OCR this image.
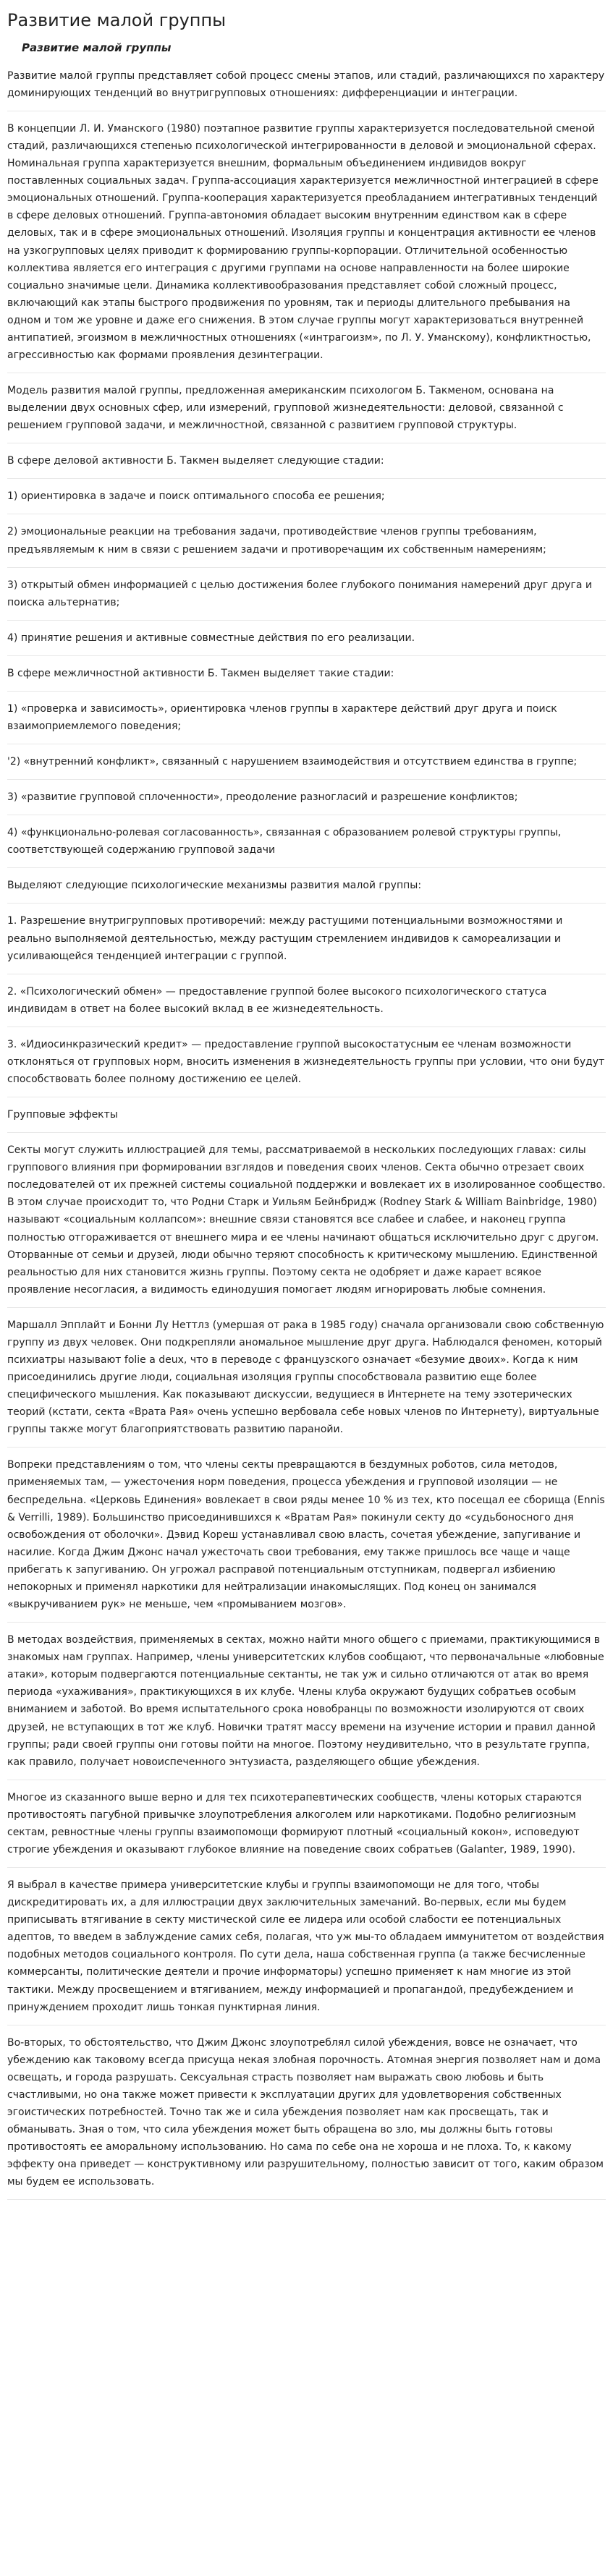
Развитие малой группы
Развитие малой группы

Развитие малой группы представляет собой процесс смены этапов, или стадий, различающихся по характеру доминирующих тенденций во внутригрупповых отношениях: дифференциации и интеграции.

В концепции Л. И. Уманского (1980) поэтапное развитие группы характеризуется последовательной сменой стадий, различающихся степенью психологической интегрированности в деловой и эмоциональной сферах. Номинальная группа характеризуется внешним, формальным объединением индивидов вокруг поставленных социальных задач. Группа-ассоциация характеризуется межличностной интеграцией в сфере эмоциональных отношений. Группа-кооперация характеризуется преобладанием интегративных тенденций в сфере деловых отношений. Группа-автономия обладает высоким внутренним единством как в сфере деловых, так и в сфере эмоциональных отношений. Изоляция группы и концентрация активности ее членов на узкогрупповых целях приводит к формированию группы-корпорации. Отличительной особенностью коллектива является его интеграция с другими группами на основе направленности на более широкие социально значимые цели. Динамика коллективообразования представляет собой сложный процесс, включающий как этапы быстрого продвижения по уровням, так и периоды длительного пребывания на одном и том же уровне и даже его снижения. В этом случае группы могут характеризоваться внутренней антипатией, эгоизмом в межличностных отношениях («интрагоизм», по Л. У. Уманскому), конфликтностью, агрессивностью как формами проявления дезинтеграции.

Модель развития малой группы, предложенная американским психологом Б. Такменом, основана на выделении двух основных сфер, или измерений, групповой жизнедеятельности: деловой, связанной с решением групповой задачи, и межличностной, связанной с развитием групповой структуры.

В сфере деловой активности Б. Такмен выделяет следующие стадии:

1) ориентировка в задаче и поиск оптимального способа ее решения;

2) эмоциональные реакции на требования задачи, противодействие членов группы требованиям, предъявляемым к ним в связи с решением задачи и противоречащим их собственным намерениям;

3) открытый обмен информацией с целью достижения более глубокого понимания намерений друг друга и поиска альтернатив;

4) принятие решения и активные совместные действия по его реализации.

В сфере межличностной активности Б. Такмен выделяет такие стадии:

1) «проверка и зависимость», ориентировка членов группы в характере действий друг друга и поиск взаимоприемлемого поведения;

'2) «внутренний конфликт», связанный с нарушением взаимодействия и отсутствием единства в группе;

3) «развитие групповой сплоченности», преодоление разногласий и разрешение конфликтов;

4) «функционально-ролевая согласованность», связанная с образованием ролевой структуры группы, соответствующей содержанию групповой задачи

Выделяют следующие психологические механизмы развития малой группы:

1. Разрешение внутригрупповых противоречий: между растущими потенциальными возможностями и реально выполняемой деятельностью, между растущим стремлением индивидов к самореализации и усиливающейся тенденцией интеграции с группой.

2. «Психологический обмен» — предоставление группой более высокого психологического статуса индивидам в ответ на более высокий вклад в ее жизнедеятельность.

3. «Идиосинкразический кредит» — предоставление группой высокостатусным ее членам возможности отклоняться от групповых норм, вносить изменения в жизнедеятельность группы при условии, что они будут способствовать более полному достижению ее целей.

Групповые эффекты

Секты могут служить иллюстрацией для темы, рассматриваемой в нескольких последующих главах: силы группового влияния при формировании взглядов и поведения своих членов. Секта обычно отрезает своих последователей от их прежней системы социальной поддержки и вовлекает их в изолированное сообщество. В этом случае происходит то, что Родни Старк и Уильям Бейнбридж (Rodney Stark & William Bainbridge, 1980) называют «социальным коллапсом»: внешние связи становятся все слабее и слабее, и наконец группа полностью отгораживается от внешнего мира и ее члены начинают общаться исключительно друг с другом. Оторванные от семьи и друзей, люди обычно теряют способность к критическому мышлению. Единственной реальностью для них становится жизнь группы. Поэтому секта не одобряет и даже карает всякое проявление несогласия, а видимость единодушия помогает людям игнорировать любые сомнения.

Маршалл Эпплайт и Бонни Лу Неттлз (умершая от рака в 1985 году) сначала организовали свою собственную группу из двух человек. Они подкрепляли аномальное мышление друг друга. Наблюдался феномен, который психиатры называют folie a deux, что в переводе с французского означает «безумие двоих». Когда к ним присоединились другие люди, социальная изоляция группы способствовала развитию еще более специфического мышления. Как показывают дискуссии, ведущиеся в Интернете на тему эзотерических теорий (кстати, секта «Врата Рая» очень успешно вербовала себе новых членов по Интернету), виртуальные группы также могут благоприятствовать развитию паранойи.

Вопреки представлениям о том, что члены секты превращаются в бездумных роботов, сила методов, применяемых там, — ужесточения норм поведения, процесса убеждения и групповой изоляции — не беспредельна. «Церковь Единения» вовлекает в свои ряды менее 10 % из тех, кто посещал ее сборища (Ennis & Verrilli, 1989). Большинство присоединившихся к «Вратам Рая» покинули секту до «судьбоносного дня освобождения от оболочки». Дэвид Кореш устанавливал свою власть, сочетая убеждение, запугивание и насилие. Когда Джим Джонс начал ужесточать свои требования, ему также пришлось все чаще и чаще прибегать к запугиванию. Он угрожал расправой потенциальным отступникам, подвергал избиению непокорных и применял наркотики для нейтрализации инакомыслящих. Под конец он занимался «выкручиванием рук» не меньше, чем «промыванием мозгов».

В методах воздействия, применяемых в сектах, можно найти много общего с приемами, практикующимися в знакомых нам группах. Например, члены университетских клубов сообщают, что первоначальные «любовные атаки», которым подвергаются потенциальные сектанты, не так уж и сильно отличаются от атак во время периода «ухаживания», практикующихся в их клубе. Члены клуба окружают будущих собратьев особым вниманием и заботой. Во время испытательного срока новобранцы по возможности изолируются от своих друзей, не вступающих в тот же клуб. Новички тратят массу времени на изучение истории и правил данной группы; ради своей группы они готовы пойти на многое. Поэтому неудивительно, что в результате группа, как правило, получает новоиспеченного энтузиаста, разделяющего общие убеждения.

Многое из сказанного выше верно и для тех психотерапевтических сообществ, члены которых стараются противостоять пагубной привычке злоупотребления алкоголем или наркотиками. Подобно религиозным сектам, ревностные члены группы взаимопомощи формируют плотный «социальный кокон», исповедуют строгие убеждения и оказывают глубокое влияние на поведение своих собратьев (Galanter, 1989, 1990).

Я выбрал в качестве примера университетские клубы и группы взаимопомощи не для того, чтобы дискредитировать их, а для иллюстрации двух заключительных замечаний. Во-первых, если мы будем приписывать втягивание в секту мистической силе ее лидера или особой слабости ее потенциальных адептов, то введем в заблуждение самих себя, полагая, что уж мы-то обладаем иммунитетом от воздействия подобных методов социального контроля. По сути дела, наша собственная группа (а также бесчисленные коммерсанты, политические деятели и прочие информаторы) успешно применяет к нам многие из этой тактики. Между просвещением и втягиванием, между информацией и пропагандой, предубеждением и принуждением проходит лишь тонкая пунктирная линия.

Во-вторых, то обстоятельство, что Джим Джонс злоупотреблял силой убеждения, вовсе не означает, что убеждению как таковому всегда присуща некая злобная порочность. Атомная энергия позволяет нам и дома освещать, и города разрушать. Сексуальная страсть позволяет нам выражать свою любовь и быть счастливыми, но она также может привести к эксплуатации других для удовлетворения собственных эгоистических потребностей. Точно так же и сила убеждения позволяет нам как просвещать, так и обманывать. Зная о том, что сила убеждения может быть обращена во зло, мы должны быть готовы противостоять ее аморальному использованию. Но сама по себе она не хороша и не плоха. То, к какому эффекту она приведет — конструктивному или разрушительному, полностью зависит от того, каким образом мы будем ее использовать.
